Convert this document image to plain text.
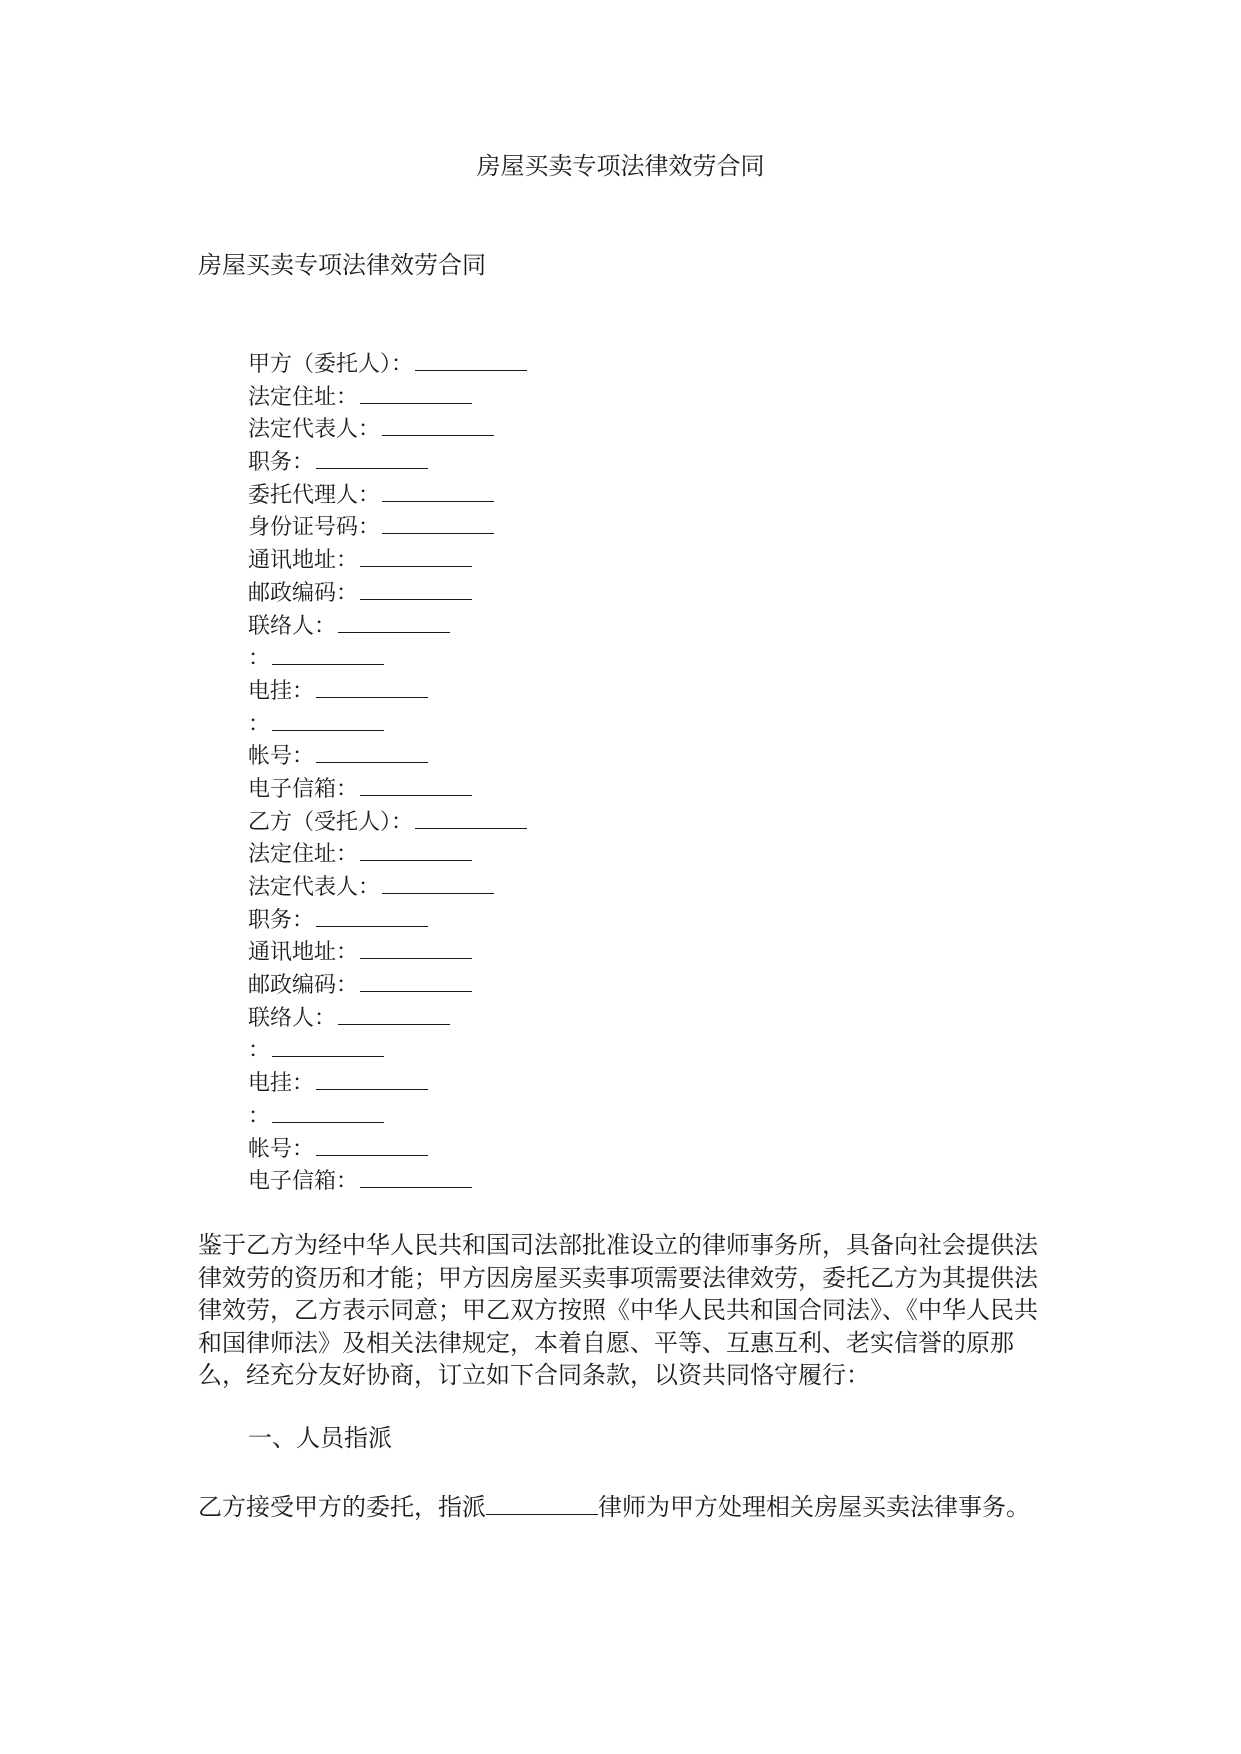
房屋买卖专项法律效劳合同
房屋买卖专项法律效劳合同
甲方（委托人）：
法定住址：
法定代表人：
职务：
委托代理人：
身份证号码：
通讯地址：
邮政编码：
联络人：
：
电挂：
：
帐号：
电子信箱：
乙方（受托人）：
法定住址：
法定代表人：
职务：
通讯地址：
邮政编码：
联络人：
：
电挂：
：
帐号：
电子信箱：

鉴于乙方为经中华人民共和国司法部批准设立的律师事务所，具备向社会提供法律效劳的资历和才能；甲方因房屋买卖事项需要法律效劳，委托乙方为其提供法律效劳，乙方表示同意；甲乙双方按照《中华人民共和国合同法》、《中华人民共和国律师法》及相关法律规定，本着自愿、平等、互惠互利、老实信誉的原那么，经充分友好协商，订立如下合同条款，以资共同恪守履行：

一、人员指派

乙方接受甲方的委托，指派	律师为甲方处理相关房屋买卖法律事务。
